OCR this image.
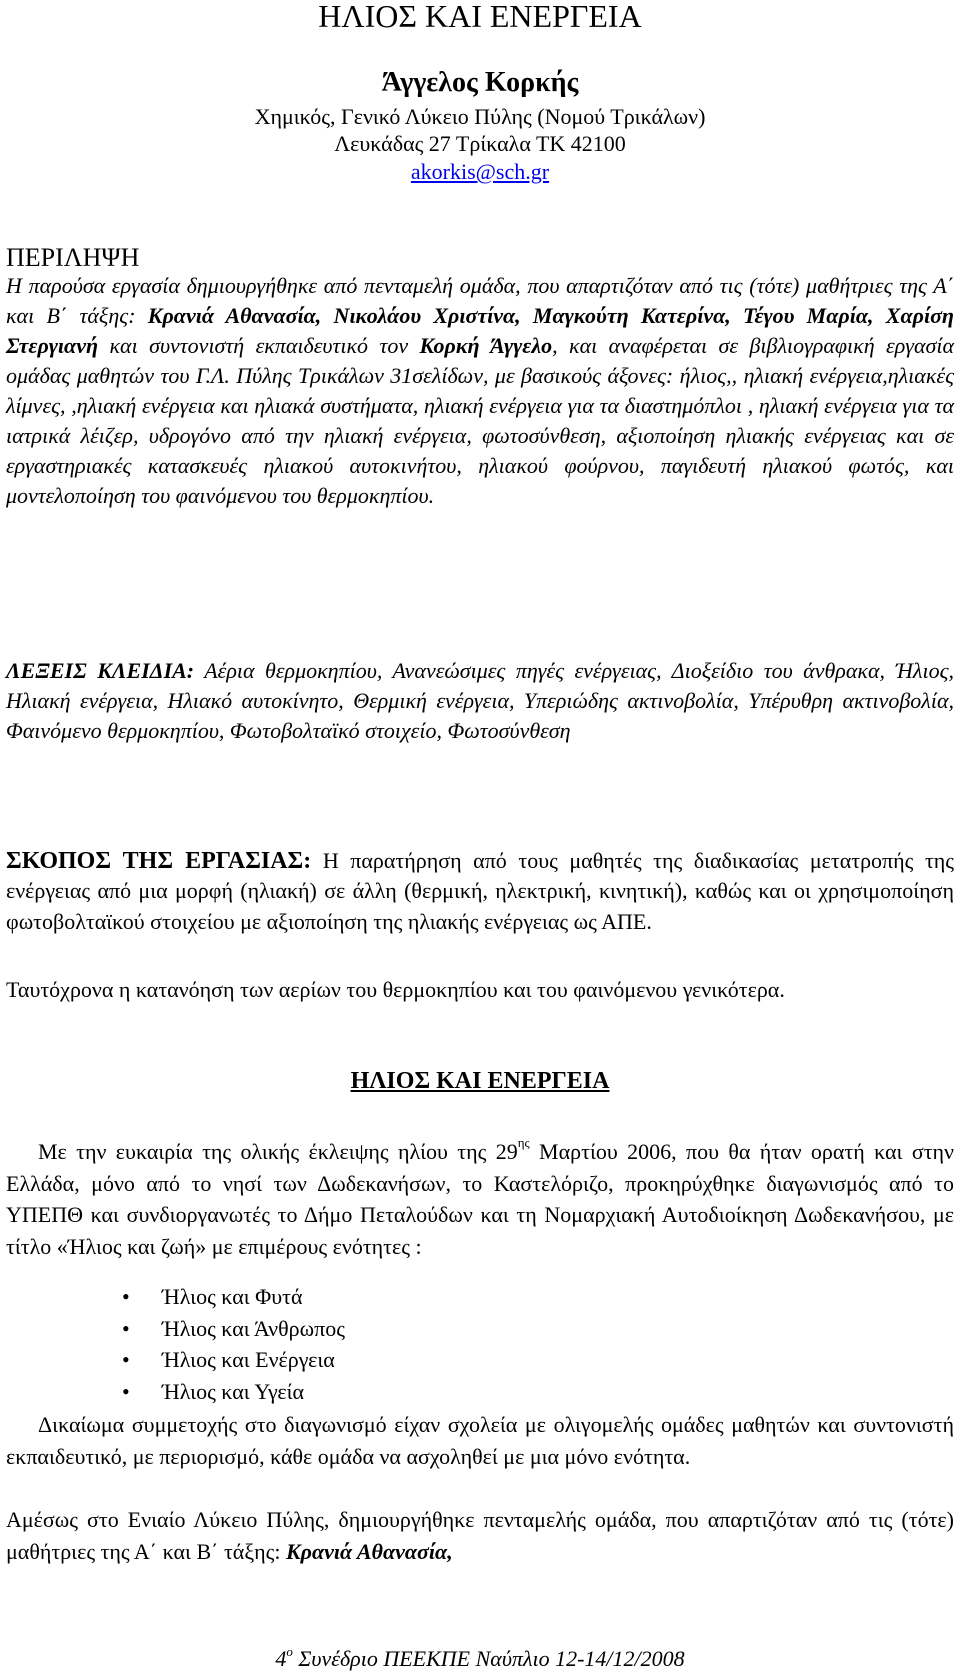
ΗΛΙΟΣ ΚΑΙ ΕΝΕΡΓΕΙΑ

Άγγελος Κορκής

Χημικός, Γενικό Λύκειο Πύλης (Νομού Τρικάλων)

Λευκάδας 27 Τρίκαλα ΤΚ 42100

akorkis@sch.gr

ΠΕΡΙΛΗΨΗ

Η παρούσα εργασία δημιουργήθηκε από πενταμελή ομάδα, που απαρτιζόταν από τις (τότε) μαθήτριες της Α΄ και Β΄ τάξης: Κρανιά Αθανασία, Νικολάου Χριστίνα, Μαγκούτη Κατερίνα, Τέγου Μαρία, Χαρίση Στεργιανή και συντονιστή εκπαιδευτικό τον Κορκή Άγγελο, και αναφέρεται σε βιβλιογραφική εργασία ομάδας μαθητών του Γ.Λ. Πύλης Τρικάλων 31σελίδων, με βασικούς άξονες: ήλιος,, ηλιακή ενέργεια,ηλιακές λίμνες, ,ηλιακή ενέργεια και ηλιακά συστήματα, ηλιακή ενέργεια για τα διαστημόπλοι , ηλιακή ενέργεια για τα ιατρικά λέιζερ, υδρογόνο από την ηλιακή ενέργεια, φωτοσύνθεση, αξιοποίηση ηλιακής ενέργειας και σε εργαστηριακές κατασκευές ηλιακού αυτοκινήτου, ηλιακού φούρνου, παγιδευτή ηλιακού φωτός, και μοντελοποίηση του φαινόμενου του θερμοκηπίου.

ΛΕΞΕΙΣ ΚΛΕΙΔΙΑ: Αέρια θερμοκηπίου, Ανανεώσιμες πηγές ενέργειας, Διοξείδιο του άνθρακα, Ήλιος, Ηλιακή ενέργεια, Ηλιακό αυτοκίνητο, Θερμική ενέργεια, Υπεριώδης ακτινοβολία, Υπέρυθρη ακτινοβολία, Φαινόμενο θερμοκηπίου, Φωτοβολταϊκό στοιχείο, Φωτοσύνθεση

ΣΚΟΠΟΣ ΤΗΣ ΕΡΓΑΣΙΑΣ: Η παρατήρηση από τους μαθητές της διαδικασίας μετατροπής της ενέργειας από μια μορφή (ηλιακή) σε άλλη (θερμική, ηλεκτρική, κινητική), καθώς και οι χρησιμοποίηση φωτοβολταϊκού στοιχείου με αξιοποίηση της ηλιακής ενέργειας ως ΑΠΕ.

Ταυτόχρονα η κατανόηση των αερίων του θερμοκηπίου και του φαινόμενου γενικότερα.

ΗΛΙΟΣ ΚΑΙ ΕΝΕΡΓΕΙΑ

Με την ευκαιρία της ολικής έκλειψης ηλίου της $29^{\eta\varsigma}$ Μαρτίου 2006, που θα ήταν ορατή και στην Ελλάδα, μόνο από το νησί των Δωδεκανήσων, το Καστελόριζο, προκηρύχθηκε διαγωνισμός από το ΥΠΕΠΘ και συνδιοργανωτές το Δήμο Πεταλούδων και τη Νομαρχιακή Αυτοδιοίκηση Δωδεκανήσου, με τίτλο «Ήλιος και ζωή» με επιμέρους ενότητες :

• Ήλιος και Φυτά
• Ήλιος και Άνθρωπος
• Ήλιος και Ενέργεια
• Ήλιος και Υγεία

Δικαίωμα συμμετοχής στο διαγωνισμό είχαν σχολεία με ολιγομελής ομάδες μαθητών και συντονιστή εκπαιδευτικό, με περιορισμό, κάθε ομάδα να ασχοληθεί με μια μόνο ενότητα.

Αμέσως στο Ενιαίο Λύκειο Πύλης, δημιουργήθηκε πενταμελής ομάδα, που απαρτιζόταν από τις (τότε) μαθήτριες της Α΄ και Β΄ τάξης: Κρανιά Αθανασία,

$4^o$ Συνέδριο ΠΕΕΚΠΕ Ναύπλιο 12-14/12/2008
